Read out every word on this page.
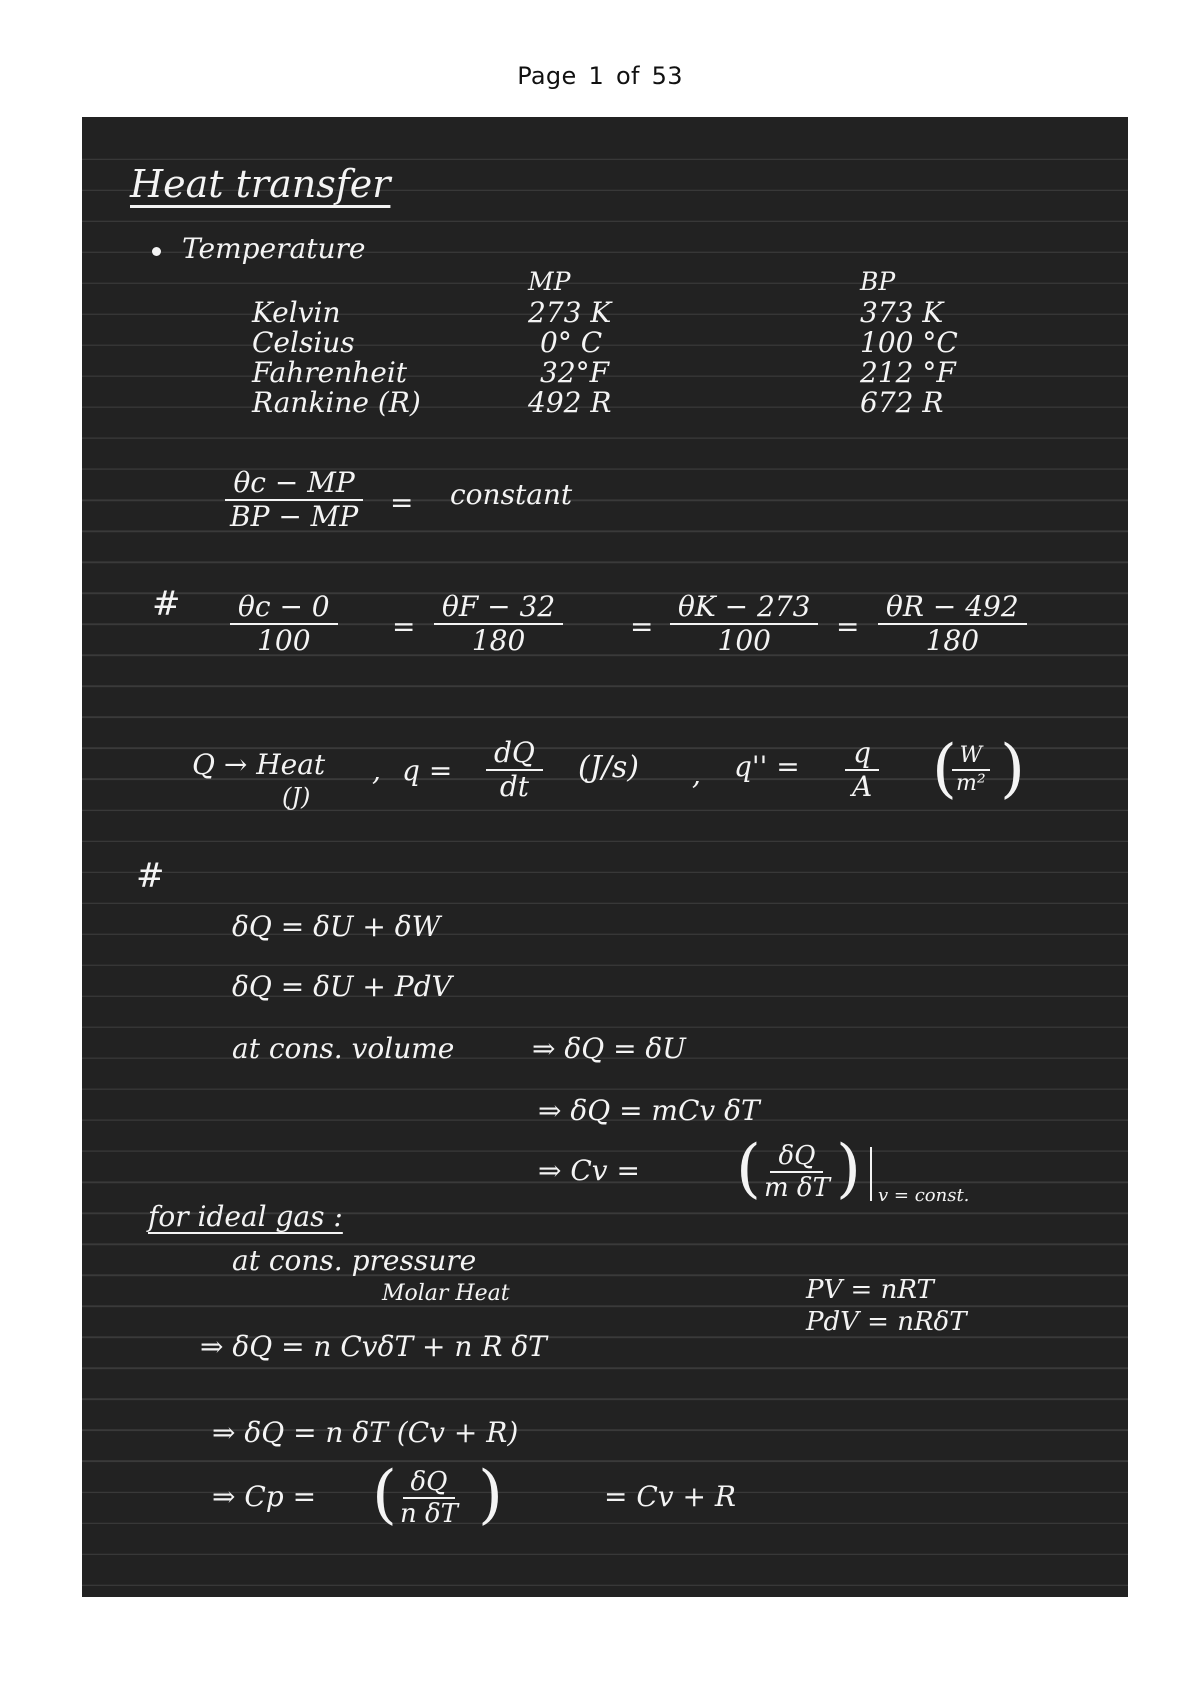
Page 1 of 53
Heat transfer
Temperature
MP	BP
Kelvin	273 K	373 K
Celsius	0° C	100 °C
Fahrenheit	32°F	212 °F
Rankine (R)	492 R	672 R
$\frac{\theta c - MP}{BP - MP}$ = constant
# $\frac{\theta c - 0}{100} = \frac{\theta F - 32}{180} = \frac{\theta K - 273}{100} = \frac{\theta R - 492}{180}$
Q → Heat
(J)
, $q = \frac{dQ}{dt} (J/s)$ , $q'' = \frac{q}{A}$ (
$\frac{W}{\text{m²}}$ )
#
δQ = δU + δW
δQ = δU + PdV
at cons. volume	⇒ δQ = δU
⇒ δQ = mCv δT
⇒ Cv = (
$\frac{\delta Q}{\text{m δT}}$
) v = const.
for ideal gas :
at cons. pressure
Molar Heat
⇒ δQ = n CvδT + n R δT
PV = nRT
PdV = nRδT
⇒ δQ = n δT (Cv + R)
⇒ Cp = (
$\frac{\delta Q}{\text{n δT}}$ )	= Cv + R
